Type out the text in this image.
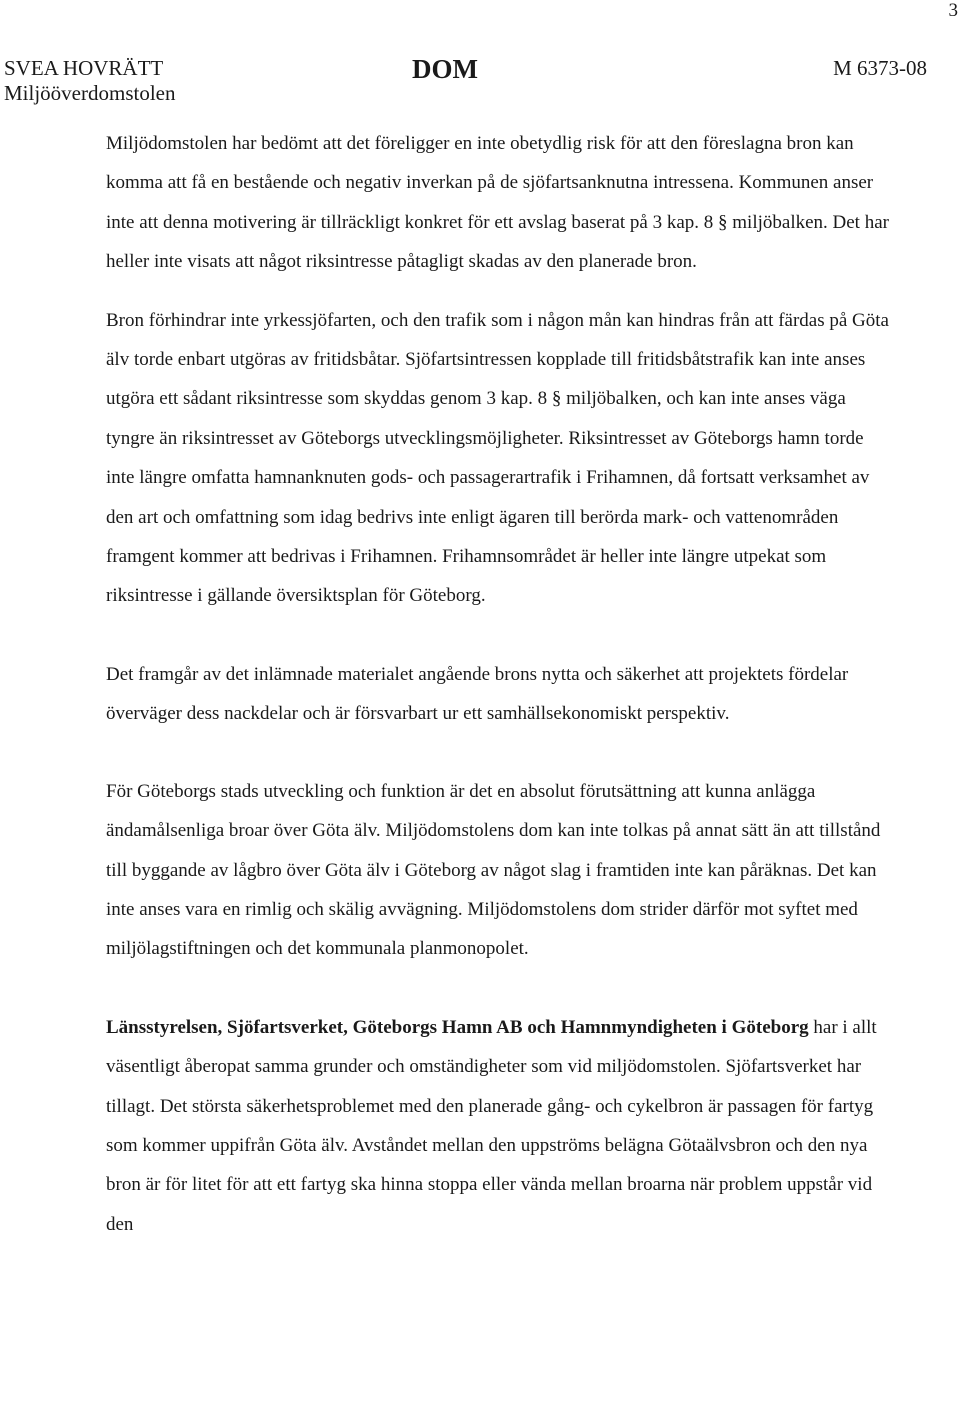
3
SVEA HOVRÄTT
Miljööverdomstolen
DOM	M 6373-08

Miljödomstolen har bedömt att det föreligger en inte obetydlig risk för att den föreslagna bron kan komma att få en bestående och negativ inverkan på de sjöfartsanknutna intressena. Kommunen anser inte att denna motivering är tillräckligt konkret för ett avslag baserat på 3 kap. 8 § miljöbalken. Det har heller inte visats att något riksintresse påtagligt skadas av den planerade bron.

Bron förhindrar inte yrkessjöfarten, och den trafik som i någon mån kan hindras från att färdas på Göta älv torde enbart utgöras av fritidsbåtar. Sjöfartsintressen kopplade till fritidsbåtstrafik kan inte anses utgöra ett sådant riksintresse som skyddas genom 3 kap. 8 § miljöbalken, och kan inte anses väga tyngre än riksintresset av Göteborgs utvecklingsmöjligheter. Riksintresset av Göteborgs hamn torde inte längre omfatta hamnanknuten gods- och passagerartrafik i Frihamnen, då fortsatt verksamhet av den art och omfattning som idag bedrivs inte enligt ägaren till berörda mark- och vattenområden framgent kommer att bedrivas i Frihamnen. Frihamnsområdet är heller inte längre utpekat som riksintresse i gällande översiktsplan för Göteborg.

Det framgår av det inlämnade materialet angående brons nytta och säkerhet att projektets fördelar överväger dess nackdelar och är försvarbart ur ett samhällsekonomiskt perspektiv.

För Göteborgs stads utveckling och funktion är det en absolut förutsättning att kunna anlägga ändamålsenliga broar över Göta älv. Miljödomstolens dom kan inte tolkas på annat sätt än att tillstånd till byggande av lågbro över Göta älv i Göteborg av något slag i framtiden inte kan påräknas. Det kan inte anses vara en rimlig och skälig avvägning. Miljödomstolens dom strider därför mot syftet med miljölagstiftningen och det kommunala planmonopolet.

Länsstyrelsen, Sjöfartsverket, Göteborgs Hamn AB och Hamnmyndigheten i Göteborg har i allt väsentligt åberopat samma grunder och omständigheter som vid miljödomstolen. Sjöfartsverket har tillagt. Det största säkerhetsproblemet med den planerade gång- och cykelbron är passagen för fartyg som kommer uppifrån Göta älv. Avståndet mellan den uppströms belägna Götaälvsbron och den nya bron är för litet för att ett fartyg ska hinna stoppa eller vända mellan broarna när problem uppstår vid den
